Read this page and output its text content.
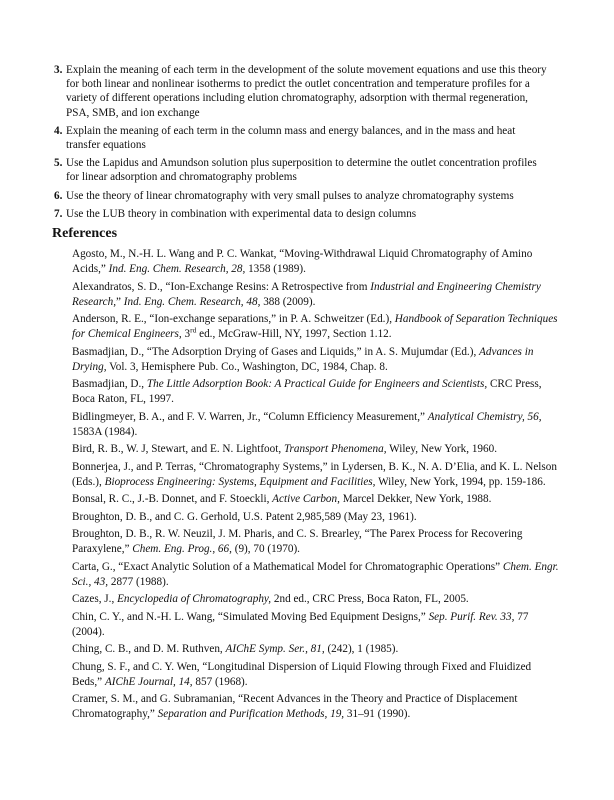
3. Explain the meaning of each term in the development of the solute movement equations and use this theory for both linear and nonlinear isotherms to predict the outlet concentration and temperature profiles for a variety of different operations including elution chromatography, adsorption with thermal regeneration, PSA, SMB, and ion exchange
4. Explain the meaning of each term in the column mass and energy balances, and in the mass and heat transfer equations
5. Use the Lapidus and Amundson solution plus superposition to determine the outlet concentration profiles for linear adsorption and chromatography problems
6. Use the theory of linear chromatography with very small pulses to analyze chromatography systems
7. Use the LUB theory in combination with experimental data to design columns
References
Agosto, M., N.-H. L. Wang and P. C. Wankat, “Moving-Withdrawal Liquid Chromatography of Amino Acids,” Ind. Eng. Chem. Research, 28, 1358 (1989).
Alexandratos, S. D., “Ion-Exchange Resins: A Retrospective from Industrial and Engineering Chemistry Research,” Ind. Eng. Chem. Research, 48, 388 (2009).
Anderson, R. E., “Ion-exchange separations,” in P. A. Schweitzer (Ed.), Handbook of Separation Techniques for Chemical Engineers, 3rd ed., McGraw-Hill, NY, 1997, Section 1.12.
Basmadjian, D., “The Adsorption Drying of Gases and Liquids,” in A. S. Mujumdar (Ed.), Advances in Drying, Vol. 3, Hemisphere Pub. Co., Washington, DC, 1984, Chap. 8.
Basmadjian, D., The Little Adsorption Book: A Practical Guide for Engineers and Scientists, CRC Press, Boca Raton, FL, 1997.
Bidlingmeyer, B. A., and F. V. Warren, Jr., “Column Efficiency Measurement,” Analytical Chemistry, 56, 1583A (1984).
Bird, R. B., W. J, Stewart, and E. N. Lightfoot, Transport Phenomena, Wiley, New York, 1960.
Bonnerjea, J., and P. Terras, “Chromatography Systems,” in Lydersen, B. K., N. A. D’Elia, and K. L. Nelson (Eds.), Bioprocess Engineering: Systems, Equipment and Facilities, Wiley, New York, 1994, pp. 159-186.
Bonsal, R. C., J.-B. Donnet, and F. Stoeckli, Active Carbon, Marcel Dekker, New York, 1988.
Broughton, D. B., and C. G. Gerhold, U.S. Patent 2,985,589 (May 23, 1961).
Broughton, D. B., R. W. Neuzil, J. M. Pharis, and C. S. Brearley, “The Parex Process for Recovering Paraxylene,” Chem. Eng. Prog., 66, (9), 70 (1970).
Carta, G., “Exact Analytic Solution of a Mathematical Model for Chromatographic Operations” Chem. Engr. Sci., 43, 2877 (1988).
Cazes, J., Encyclopedia of Chromatography, 2nd ed., CRC Press, Boca Raton, FL, 2005.
Chin, C. Y., and N.-H. L. Wang, “Simulated Moving Bed Equipment Designs,” Sep. Purif. Rev. 33, 77 (2004).
Ching, C. B., and D. M. Ruthven, AIChE Symp. Ser., 81, (242), 1 (1985).
Chung, S. F., and C. Y. Wen, “Longitudinal Dispersion of Liquid Flowing through Fixed and Fluidized Beds,” AIChE Journal, 14, 857 (1968).
Cramer, S. M., and G. Subramanian, “Recent Advances in the Theory and Practice of Displacement Chromatography,” Separation and Purification Methods, 19, 31–91 (1990).
